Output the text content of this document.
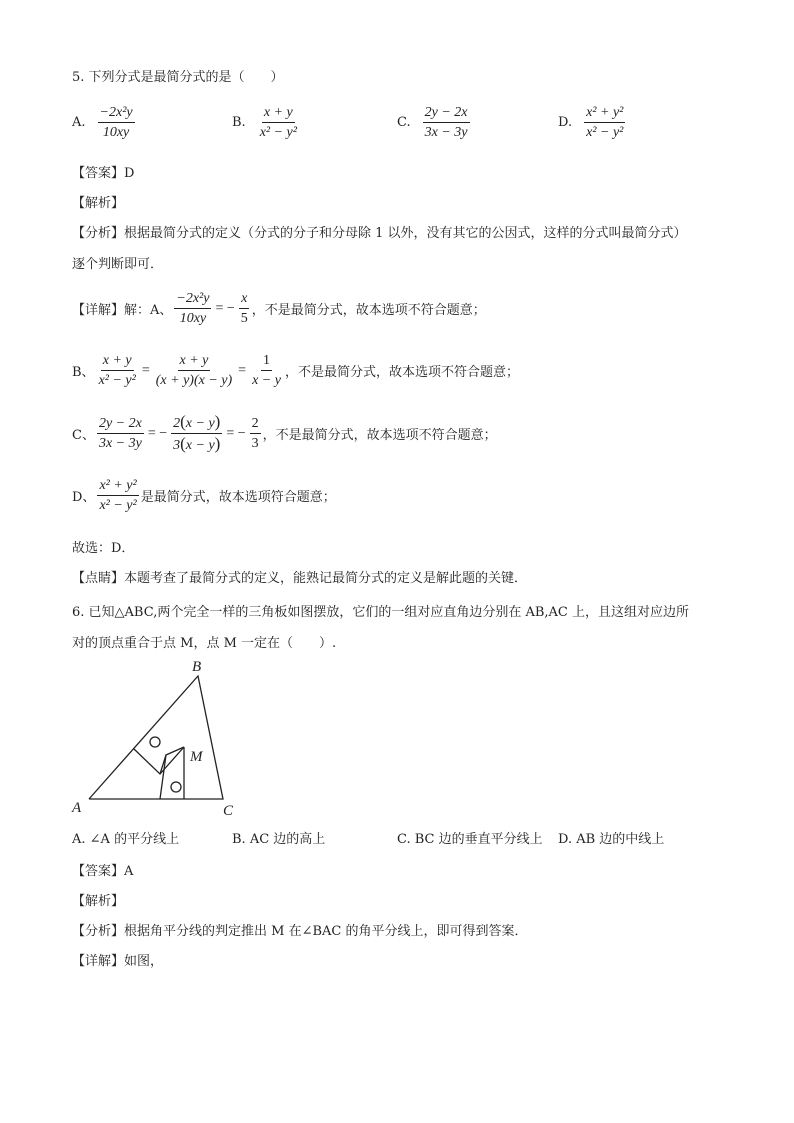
5. 下列分式是最简分式的是（　　）
A. $\frac{\text{−2x²y}}{10xy}$	B. $\frac{x + y}{\text{x² − y²}}$	C. $\frac{2y - 2x}{3x - 3y}$	D. $\frac{\text{x² + y²}}{\text{x² − y²}}$
【答案】D
【解析】
【分析】根据最简分式的定义（分式的分子和分母除 1 以外，没有其它的公因式，这样的分式叫最简分式）
逐个判断即可．
【详解】解：A、 $\frac{\text{−2x²y}}{10xy}$ = − $\frac{x}{5}$ ，不是最简分式，故本选项不符合题意；
B、 $\frac{x + y}{\text{x² − y²}} = \frac{x + y}{(x + y)(x - y)} = \frac{1}{x - y}$ ，不是最简分式，故本选项不符合题意；
C、 $\frac{2y - 2x}{3x - 3y}$ = − $\frac{2(x - y)}{3(x - y)}$ = − $\frac{2}{3}$ ，不是最简分式，故本选项不符合题意；
D、 $\frac{\text{x² + y²}}{\text{x² − y²}}$ 是最简分式，故本选项符合题意；
故选：D．
【点睛】本题考查了最简分式的定义，能熟记最简分式的定义是解此题的关键．
6. 已知△ABC,两个完全一样的三角板如图摆放，它们的一组对应直角边分别在 AB,AC 上，且这组对应边所
对的顶点重合于点 M，点 M 一定在（　　）.
A
B
C
M
A. ∠A 的平分线上	B. AC 边的高上	C. BC 边的垂直平分线上 D. AB 边的中线上
【答案】A
【解析】
【分析】根据角平分线的判定推出 M 在∠BAC 的角平分线上，即可得到答案．
【详解】如图，
